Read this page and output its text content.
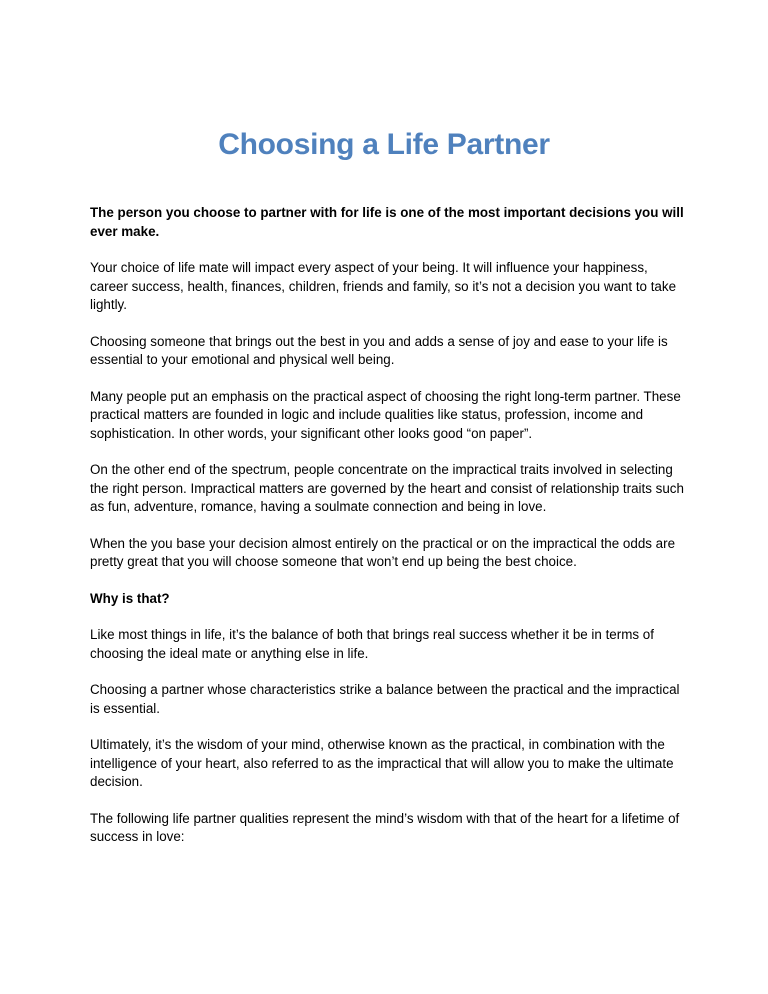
Choosing a Life Partner

The person you choose to partner with for life is one of the most important decisions you will ever make.

Your choice of life mate will impact every aspect of your being. It will influence your happiness, career success, health, finances, children, friends and family, so it’s not a decision you want to take lightly.

Choosing someone that brings out the best in you and adds a sense of joy and ease to your life is essential to your emotional and physical well being.

Many people put an emphasis on the practical aspect of choosing the right long-term partner. These practical matters are founded in logic and include qualities like status, profession, income and sophistication. In other words, your significant other looks good “on paper”.

On the other end of the spectrum, people concentrate on the impractical traits involved in selecting the right person. Impractical matters are governed by the heart and consist of relationship traits such as fun, adventure, romance, having a soulmate connection and being in love.

When the you base your decision almost entirely on the practical or on the impractical the odds are pretty great that you will choose someone that won’t end up being the best choice.

Why is that?

Like most things in life, it’s the balance of both that brings real success whether it be in terms of choosing the ideal mate or anything else in life.

Choosing a partner whose characteristics strike a balance between the practical and the impractical is essential.

Ultimately, it’s the wisdom of your mind, otherwise known as the practical, in combination with the intelligence of your heart, also referred to as the impractical that will allow you to make the ultimate decision.

The following life partner qualities represent the mind’s wisdom with that of the heart for a lifetime of success in love:
